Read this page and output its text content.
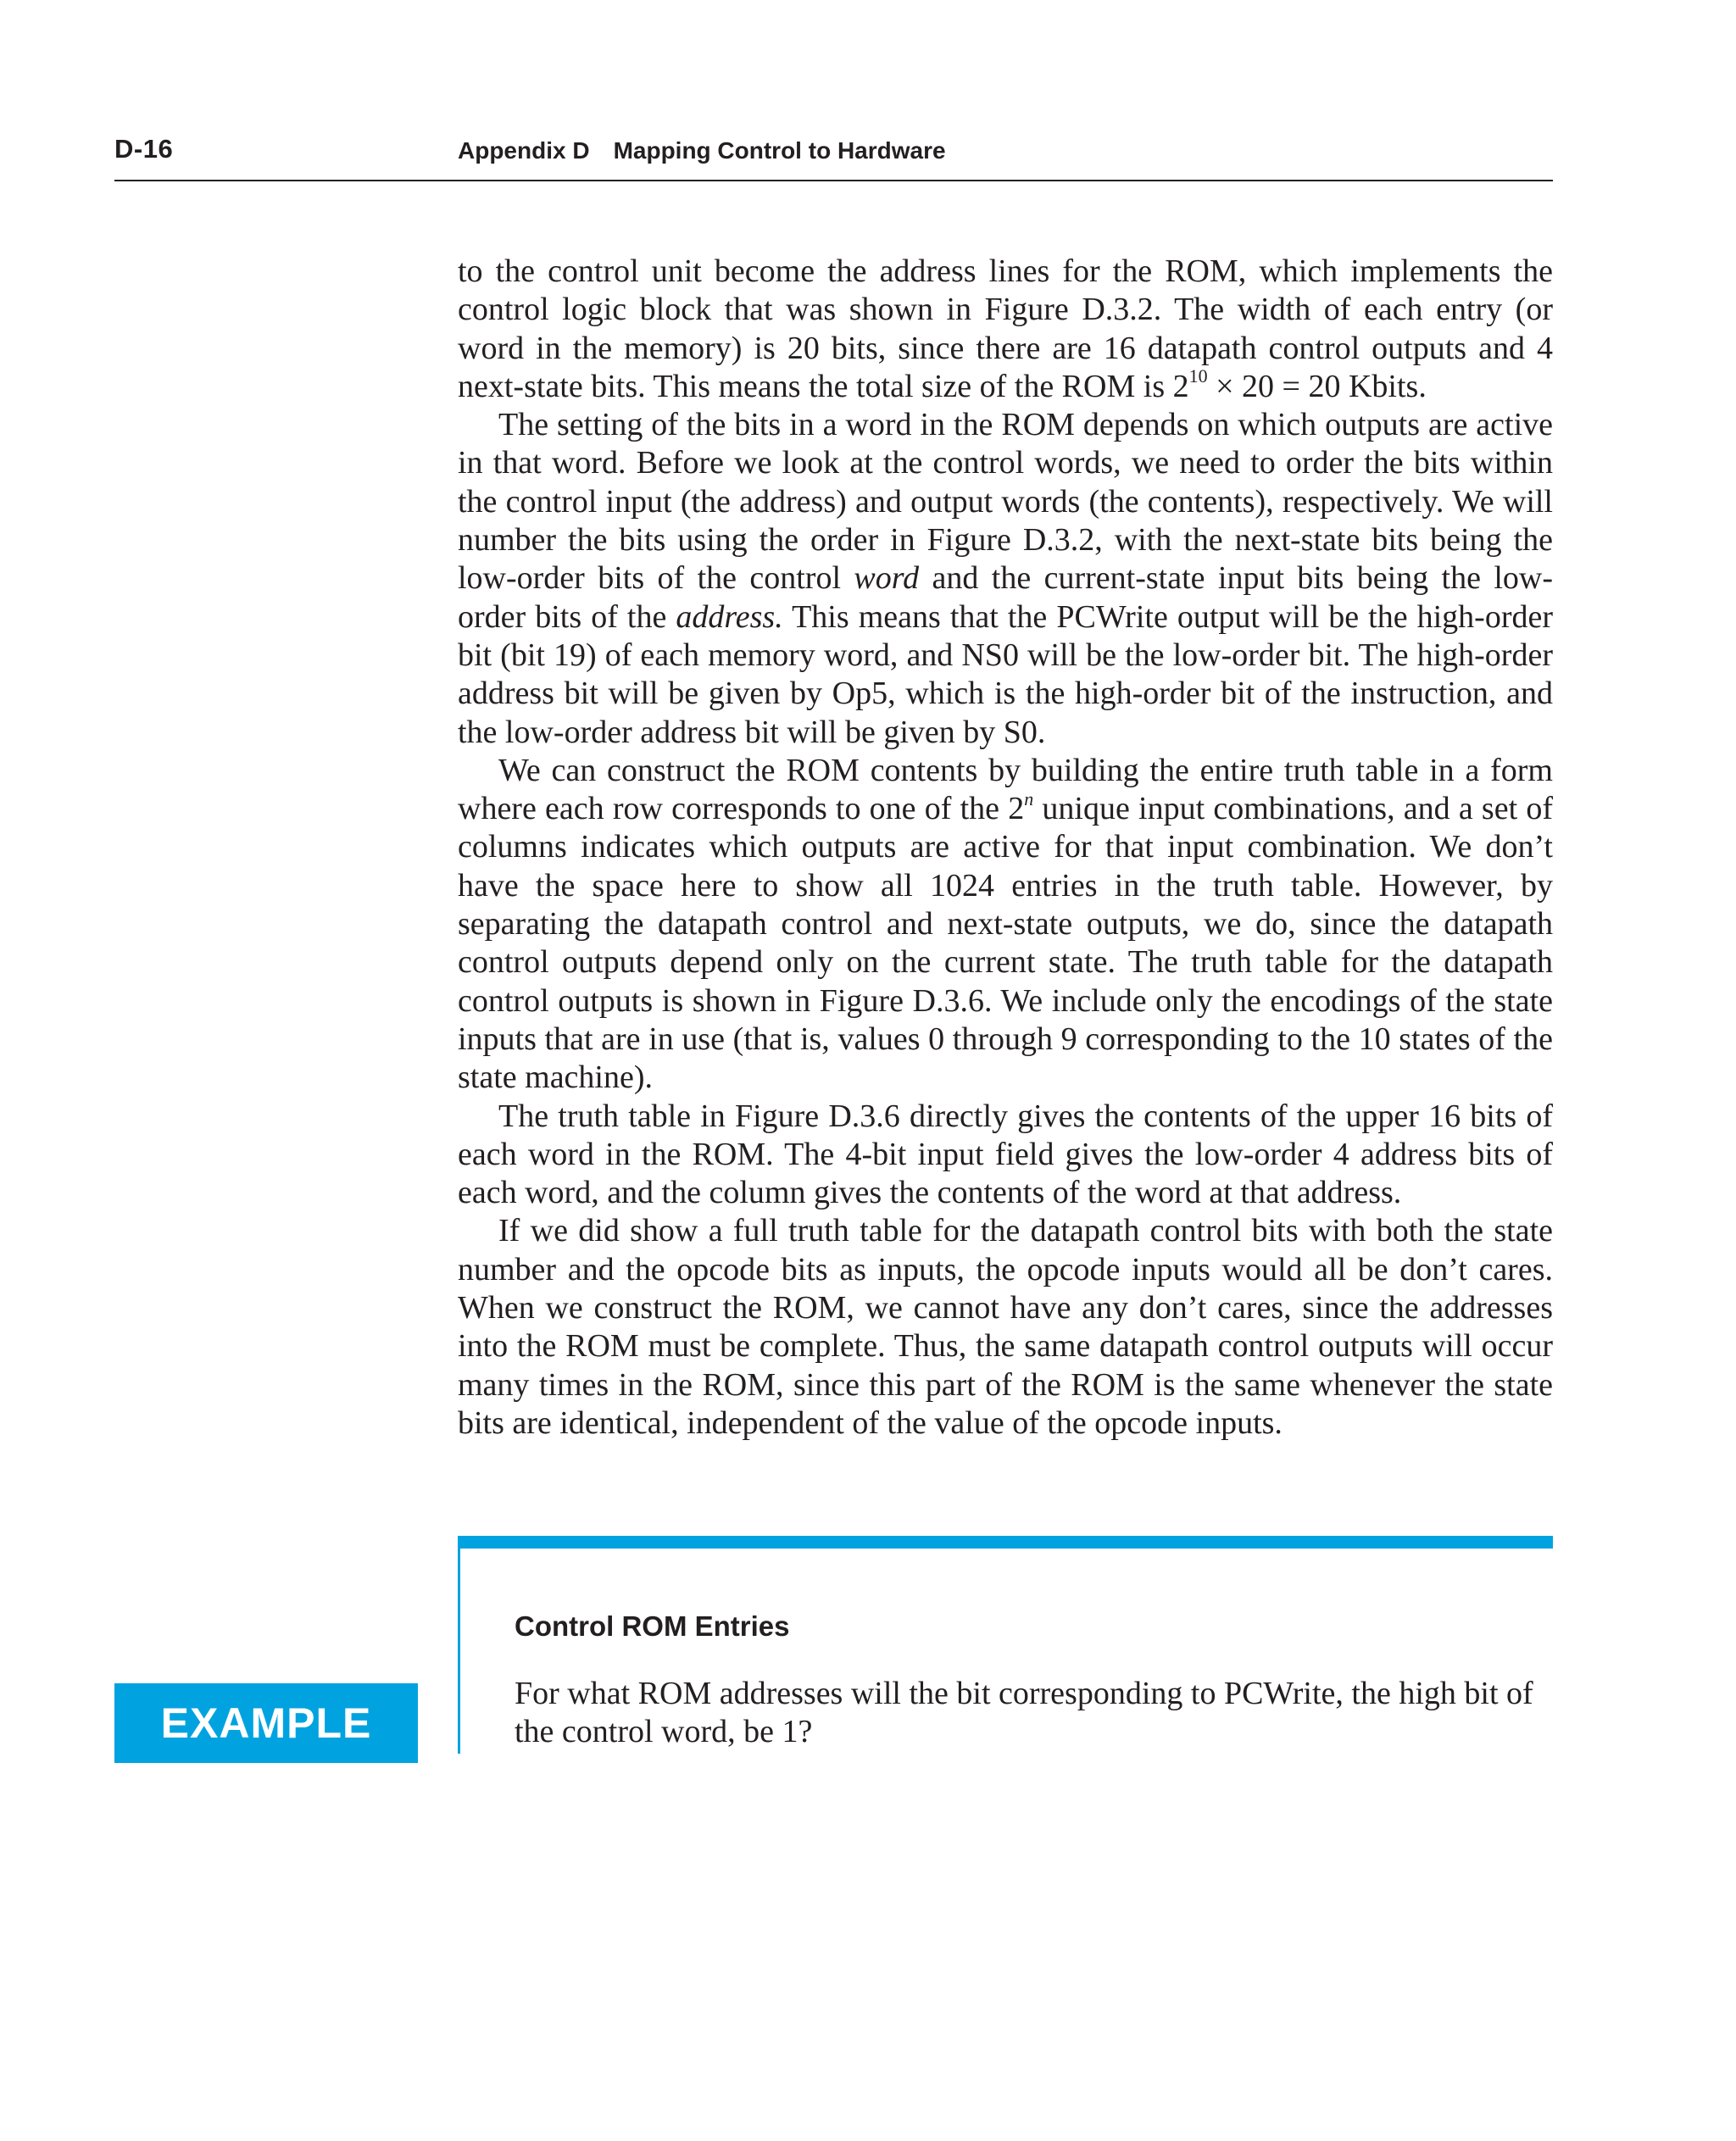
D-16	Appendix D Mapping Control to Hardware

to the control unit become the address lines for the ROM, which implements the control logic block that was shown in Figure D.3.2. The width of each entry (or word in the memory) is 20 bits, since there are 16 datapath control outputs and 4 next-state bits. This means the total size of the ROM is $2^{10} \times 20 = 20$ Kbits.

The setting of the bits in a word in the ROM depends on which outputs are active in that word. Before we look at the control words, we need to order the bits within the control input (the address) and output words (the contents), respectively. We will number the bits using the order in Figure D.3.2, with the next-state bits being the low-order bits of the control word and the current-state input bits being the low-order bits of the address. This means that the PCWrite output will be the high-order bit (bit 19) of each memory word, and NS0 will be the low-order bit. The high-order address bit will be given by Op5, which is the high-order bit of the instruction, and the low-order address bit will be given by S0.

We can construct the ROM contents by building the entire truth table in a form where each row corresponds to one of the 2$^n$ unique input combinations, and a set of columns indicates which outputs are active for that input combination. We don’t have the space here to show all 1024 entries in the truth table. However, by separating the datapath control and next-state outputs, we do, since the datapath control outputs depend only on the current state. The truth table for the datapath control outputs is shown in Figure D.3.6. We include only the encodings of the state inputs that are in use (that is, values 0 through 9 corresponding to the 10 states of the state machine).

The truth table in Figure D.3.6 directly gives the contents of the upper 16 bits of each word in the ROM. The 4-bit input field gives the low-order 4 address bits of each word, and the column gives the contents of the word at that address.

If we did show a full truth table for the datapath control bits with both the state number and the opcode bits as inputs, the opcode inputs would all be don’t cares. When we construct the ROM, we cannot have any don’t cares, since the addresses into the ROM must be complete. Thus, the same datapath control outputs will occur many times in the ROM, since this part of the ROM is the same whenever the state bits are identical, independent of the value of the opcode inputs.

Control ROM Entries

For what ROM addresses will the bit corresponding to PCWrite, the high bit of the control word, be 1?

EXAMPLE
